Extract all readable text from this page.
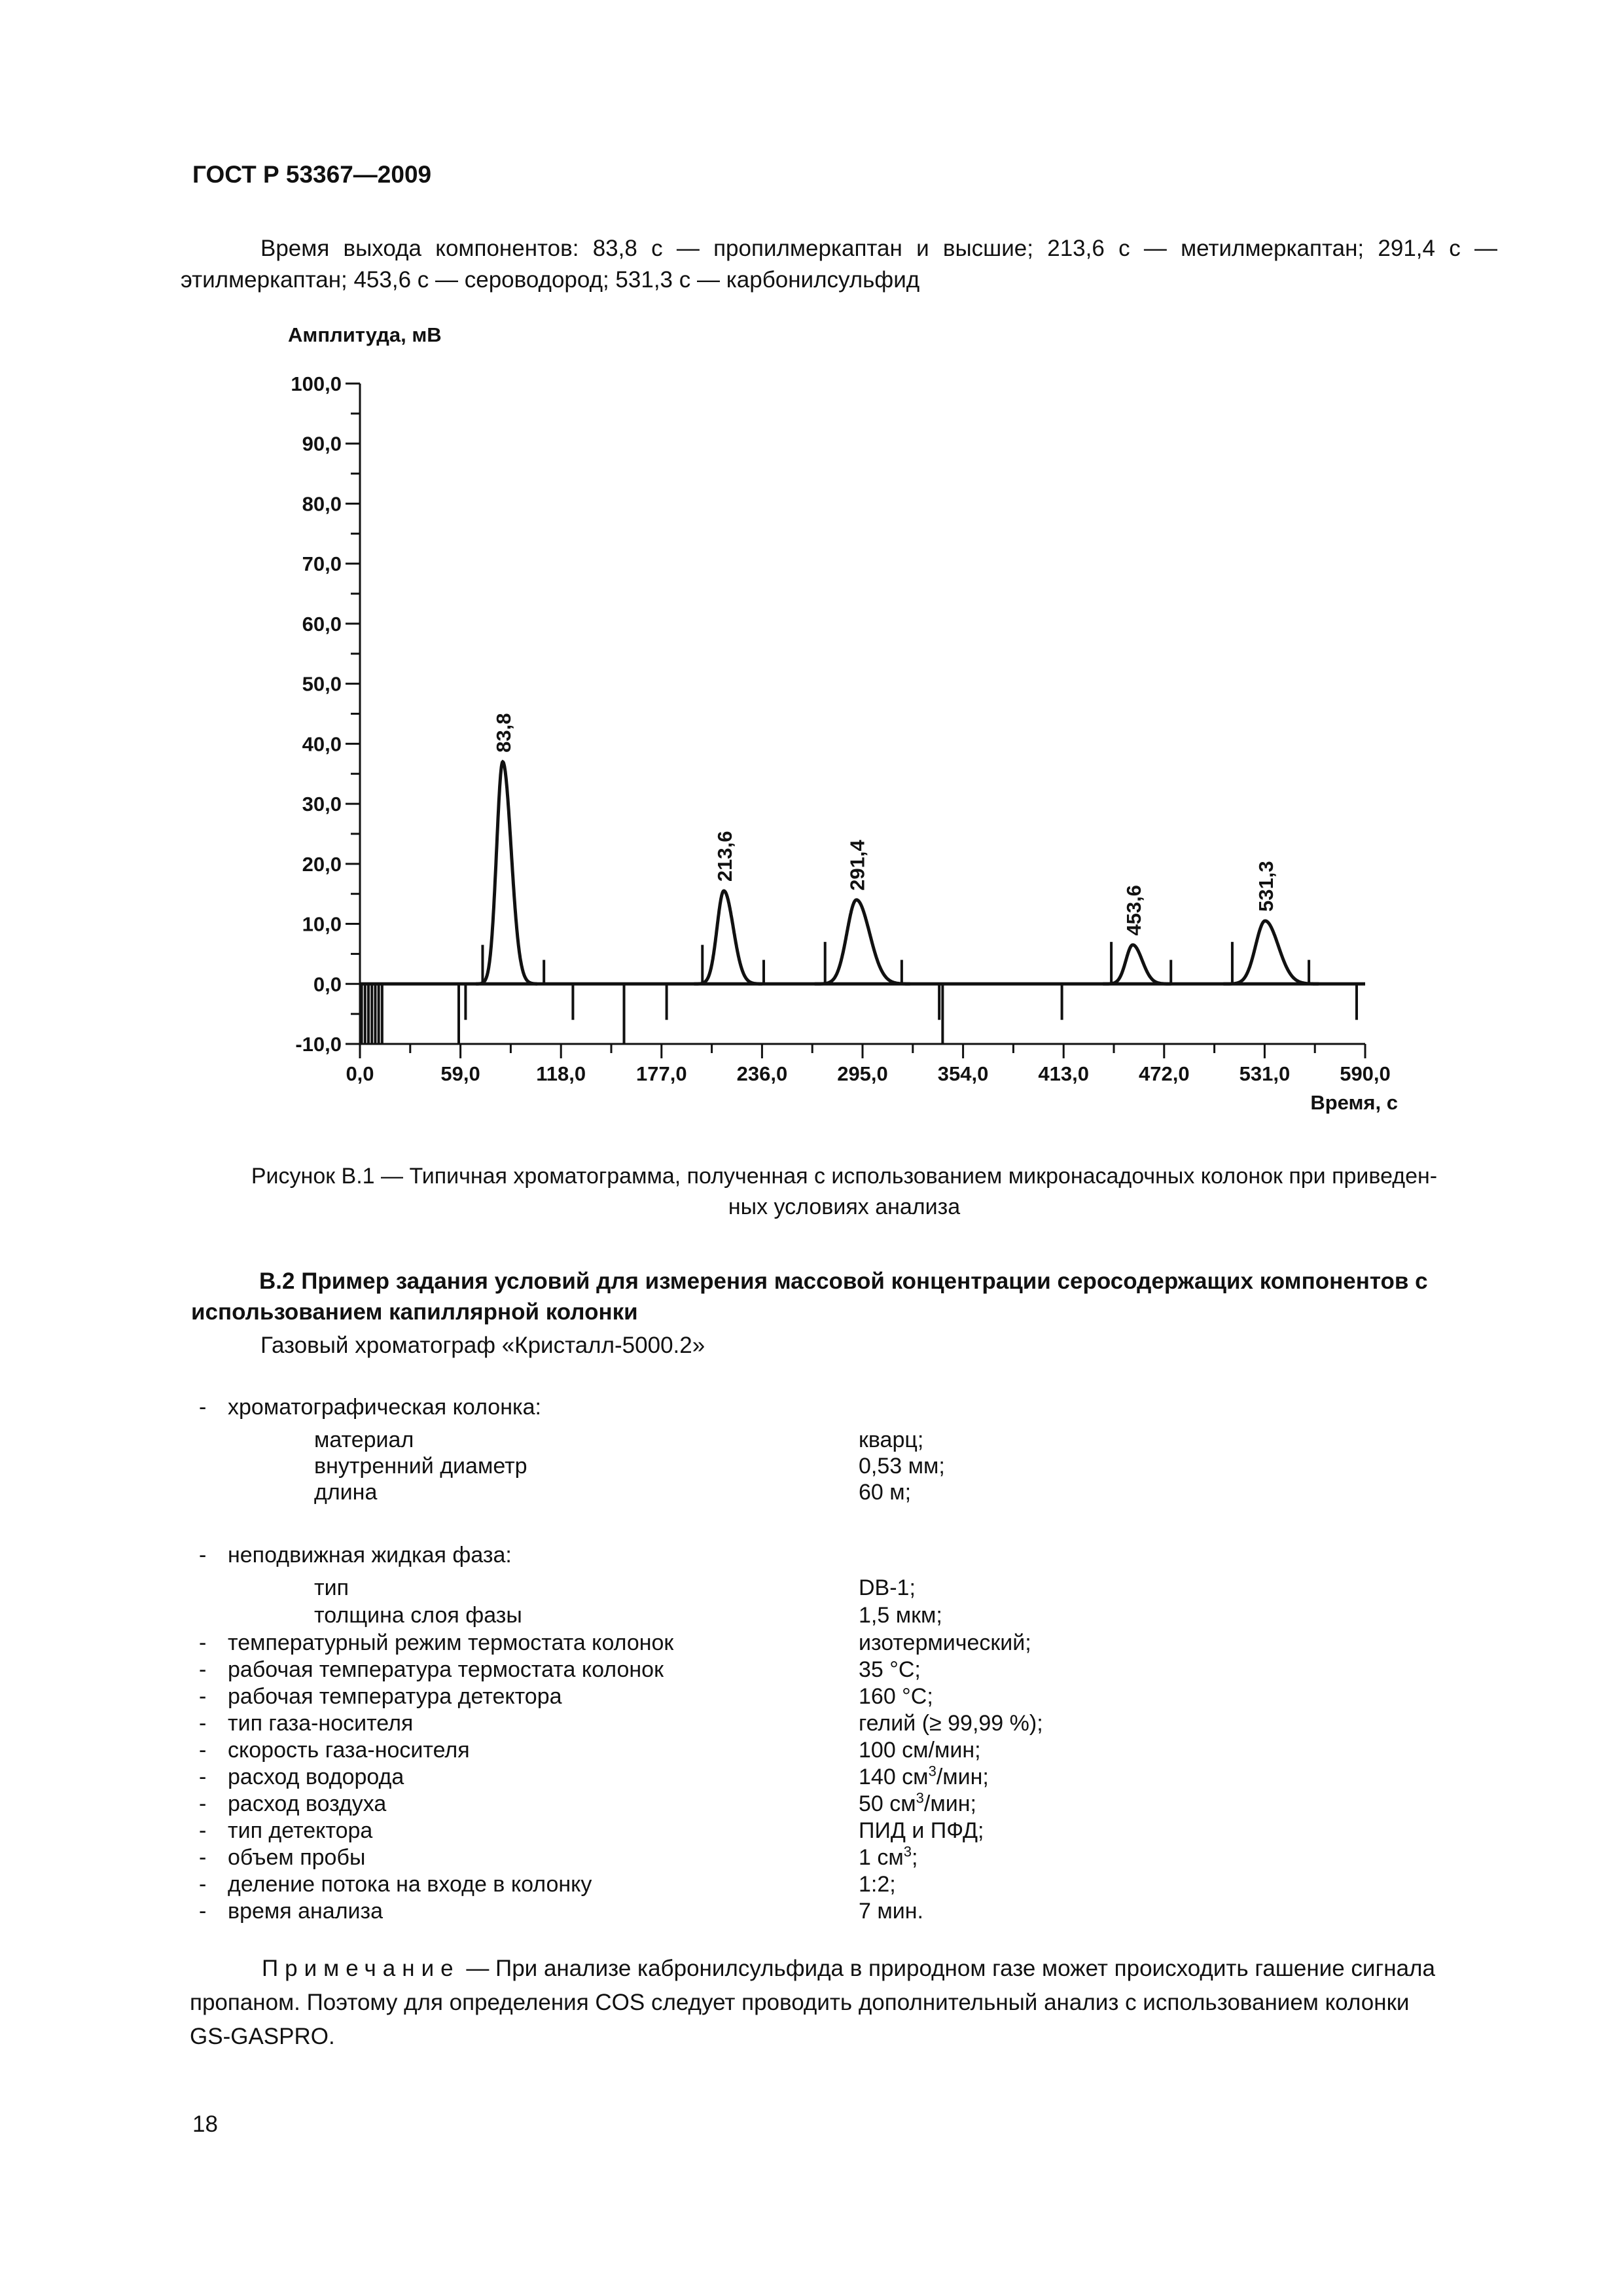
ГОСТ Р 53367—2009
Время выхода компонентов: 83,8 с — пропилмеркаптан и высшие; 213,6 с — метилмеркаптан; 291,4 с —
этилмеркаптан; 453,6 с — сероводород; 531,3 с — карбонилсульфид
100,0
90,0
80,0
70,0
60,0
50,0
40,0
30,0
20,0
10,0
0,0
-10,0
0,0	59,0	118,0 177,0 236,0 295,0 354,0 413,0 472,0 531,0 590,0
Амплитуда, мВ
Время, с
83,8
213,6	291,4
453,6	531,3
Рисунок В.1 — Типичная хроматограмма, полученная с использованием микронасадочных колонок при приведен-
ных условиях анализа
В.2 Пример задания условий для измерения массовой концентрации серосодержащих компонентов с использованием капиллярной колонки
Газовый хроматограф «Кристалл-5000.2»
- хроматографическая колонка:
материал	кварц;
внутренний диаметр	0,53 мм;
длина	60 м;
- неподвижная жидкая фаза:
тип	DB-1;
толщина слоя фазы	1,5 мкм;
- температурный режим термостата колонок	изотермический;
- рабочая температура термостата колонок	35 °С;
- рабочая температура детектора	160 °С;
- тип газа-носителя	гелий (≥ 99,99 %);
- скорость газа-носителя	100 см/мин;
- расход водорода	140 $см^3$/мин;
- расход воздуха	50 $см^3$/мин;
- тип детектора	ПИД и ПФД;
- объем пробы	1 $см^3$;
- деление потока на входе в колонку	1:2;
- время анализа	7 мин.
Примечание — При анализе кабронилсульфида в природном газе может происходить гашение сигнала
пропаном. Поэтому для определения COS следует проводить дополнительный анализ с использованием колонки
GS-GASPRO.
18
